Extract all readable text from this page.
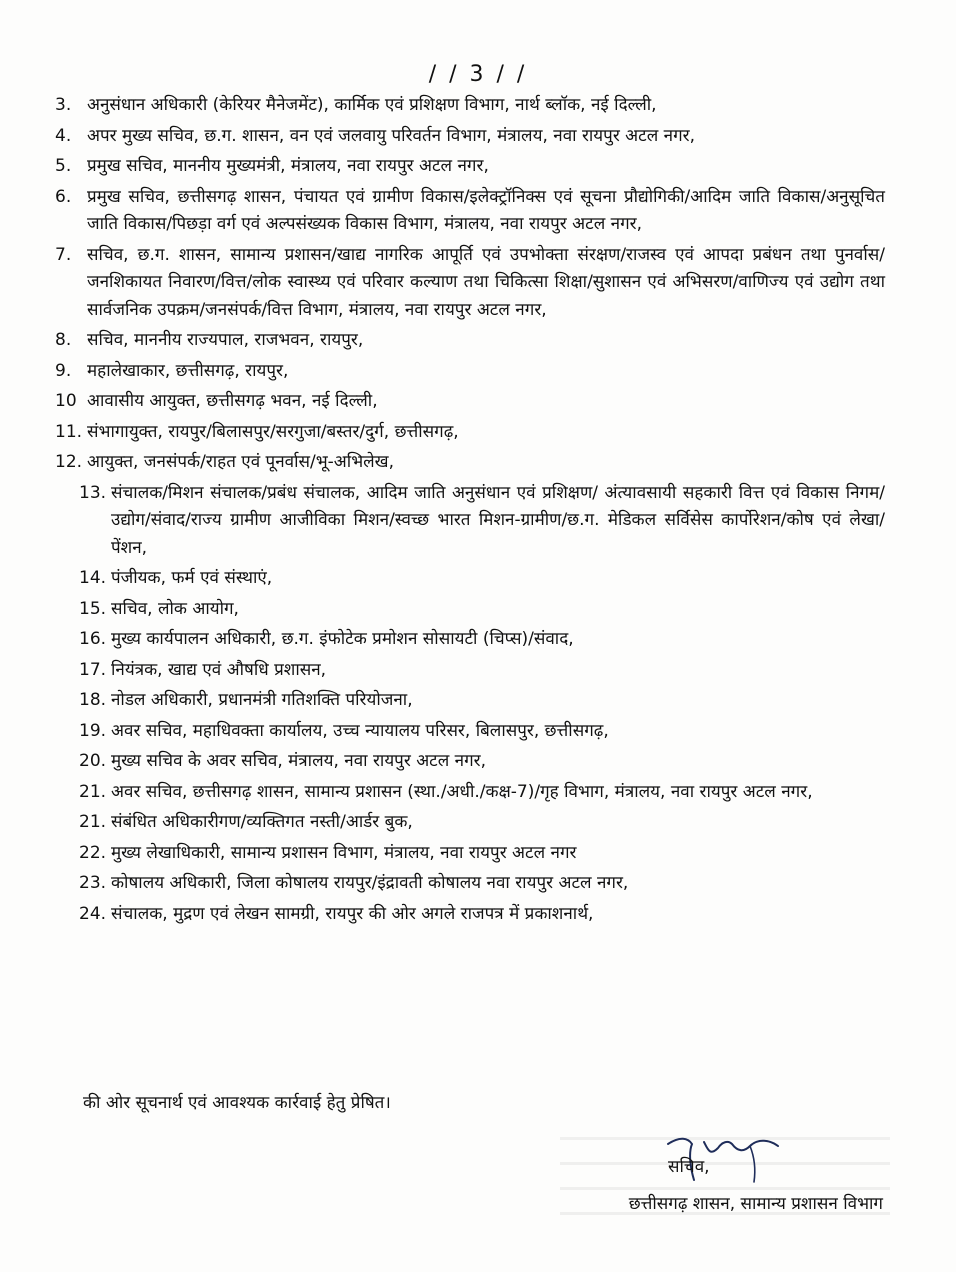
/ / 3 / /
3. अनुसंधान अधिकारी (केरियर मैनेजमेंट), कार्मिक एवं प्रशिक्षण विभाग, नार्थ ब्लॉक, नई दिल्ली,
4. अपर मुख्य सचिव, छ.ग. शासन, वन एवं जलवायु परिवर्तन विभाग, मंत्रालय, नवा रायपुर अटल नगर,
5. प्रमुख सचिव, माननीय मुख्यमंत्री, मंत्रालय, नवा रायपुर अटल नगर,
6. प्रमुख सचिव, छत्तीसगढ़ शासन, पंचायत एवं ग्रामीण विकास/इलेक्ट्रॉनिक्स एवं सूचना प्रौद्योगिकी/आदिम जाति विकास/अनुसूचित जाति विकास/पिछड़ा वर्ग एवं अल्पसंख्यक विकास विभाग, मंत्रालय, नवा रायपुर अटल नगर,
7. सचिव, छ.ग. शासन, सामान्य प्रशासन/खाद्य नागरिक आपूर्ति एवं उपभोक्ता संरक्षण/राजस्व एवं आपदा प्रबंधन तथा पुनर्वास/जनशिकायत निवारण/वित्त/लोक स्वास्थ्य एवं परिवार कल्याण तथा चिकित्सा शिक्षा/सुशासन एवं अभिसरण/वाणिज्य एवं उद्योग तथा सार्वजनिक उपक्रम/जनसंपर्क/वित्त विभाग, मंत्रालय, नवा रायपुर अटल नगर,
8. सचिव, माननीय राज्यपाल, राजभवन, रायपुर,
9. महालेखाकार, छत्तीसगढ़, रायपुर,
10 आवासीय आयुक्त, छत्तीसगढ़ भवन, नई दिल्ली,
11. संभागायुक्त, रायपुर/बिलासपुर/सरगुजा/बस्तर/दुर्ग, छत्तीसगढ़,
12. आयुक्त, जनसंपर्क/राहत एवं पूनर्वास/भू-अभिलेख,
13. संचालक/मिशन संचालक/प्रबंध संचालक, आदिम जाति अनुसंधान एवं प्रशिक्षण/ अंत्यावसायी सहकारी वित्त एवं विकास निगम/उद्योग/संवाद/राज्य ग्रामीण आजीविका मिशन/स्वच्छ भारत मिशन-ग्रामीण/छ.ग. मेडिकल सर्विसेस कार्पोरेशन/कोष एवं लेखा/ पेंशन,
14. पंजीयक, फर्म एवं संस्थाएं,
15. सचिव, लोक आयोग,
16. मुख्य कार्यपालन अधिकारी, छ.ग. इंफोटेक प्रमोशन सोसायटी (चिप्स)/संवाद,
17. नियंत्रक, खाद्य एवं औषधि प्रशासन,
18. नोडल अधिकारी, प्रधानमंत्री गतिशक्ति परियोजना,
19. अवर सचिव, महाधिवक्ता कार्यालय, उच्च न्यायालय परिसर, बिलासपुर, छत्तीसगढ़,
20. मुख्य सचिव के अवर सचिव, मंत्रालय, नवा रायपुर अटल नगर,
21. अवर सचिव, छत्तीसगढ़ शासन, सामान्य प्रशासन (स्था./अधी./कक्ष-7)/गृह विभाग, मंत्रालय, नवा रायपुर अटल नगर,
21. संबंधित अधिकारीगण/व्यक्तिगत नस्ती/आर्डर बुक,
22. मुख्य लेखाधिकारी, सामान्य प्रशासन विभाग, मंत्रालय, नवा रायपुर अटल नगर
23. कोषालय अधिकारी, जिला कोषालय रायपुर/इंद्रावती कोषालय नवा रायपुर अटल नगर,
24. संचालक, मुद्रण एवं लेखन सामग्री, रायपुर की ओर अगले राजपत्र में प्रकाशनार्थ,
की ओर सूचनार्थ एवं आवश्यक कार्रवाई हेतु प्रेषित।
सचिव,
छत्तीसगढ़ शासन, सामान्य प्रशासन विभाग
